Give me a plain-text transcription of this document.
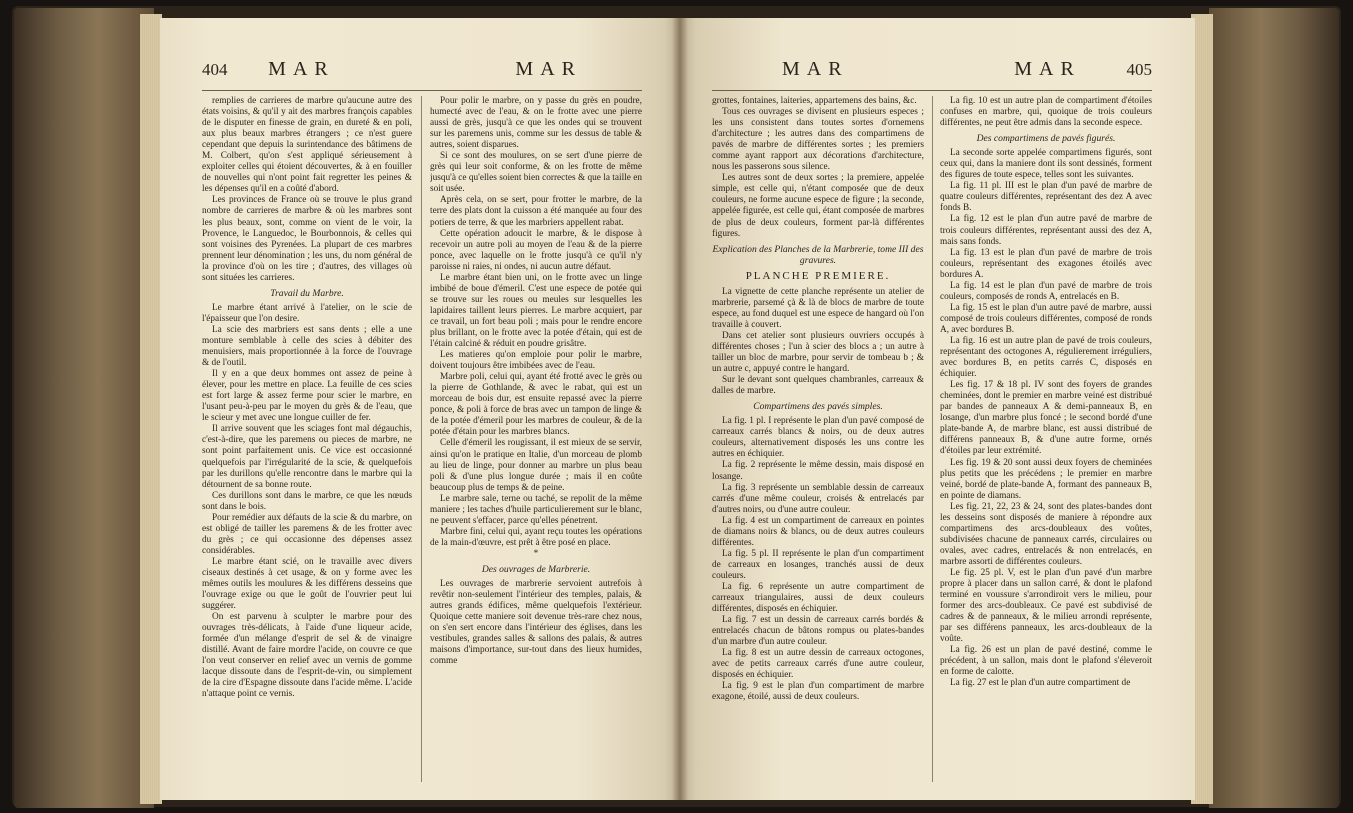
404 MAR	MAR

remplies de carrieres de marbre qu'aucune autre des états voisins, & qu'il y ait des marbres françois capables de le disputer en finesse de grain, en dureté & en poli, aux plus beaux marbres étrangers ; ce n'est guere cependant que depuis la surintendance des bâtimens de M. Colbert, qu'on s'est appliqué sérieusement à exploiter celles qui étoient découvertes, & à en fouiller de nouvelles qui n'ont point fait regretter les peines & les dépenses qu'il en a coûté d'abord.

Les provinces de France où se trouve le plus grand nombre de carrieres de marbre & où les marbres sont les plus beaux, sont, comme on vient de le voir, la Provence, le Languedoc, le Bourbonnois, & celles qui sont voisines des Pyrenées. La plupart de ces marbres prennent leur dénomination ; les uns, du nom général de la province d'où on les tire ; d'autres, des villages où sont situées les carrieres.

Travail du Marbre.

Le marbre étant arrivé à l'atelier, on le scie de l'épaisseur que l'on desire.

La scie des marbriers est sans dents ; elle a une monture semblable à celle des scies à débiter des menuisiers, mais proportionnée à la force de l'ouvrage & de l'outil.

Il y en a que deux hommes ont assez de peine à élever, pour les mettre en place. La feuille de ces scies est fort large & assez ferme pour scier le marbre, en l'usant peu-à-peu par le moyen du grès & de l'eau, que le scieur y met avec une longue cuiller de fer.

Il arrive souvent que les sciages font mal dégauchis, c'est-à-dire, que les paremens ou pieces de marbre, ne sont point parfaitement unis. Ce vice est occasionné quelquefois par l'irrégularité de la scie, & quelquefois par les durillons qu'elle rencontre dans le marbre qui la détournent de sa bonne route.

Ces durillons sont dans le marbre, ce que les nœuds sont dans le bois.

Pour remédier aux défauts de la scie & du marbre, on est obligé de tailler les paremens & de les frotter avec du grès ; ce qui occasionne des dépenses assez considérables.

Le marbre étant scié, on le travaille avec divers ciseaux destinés à cet usage, & on y forme avec les mêmes outils les moulures & les différens desseins que l'ouvrage exige ou que le goût de l'ouvrier peut lui suggérer.

On est parvenu à sculpter le marbre pour des ouvrages très-délicats, à l'aide d'une liqueur acide, formée d'un mélange d'esprit de sel & de vinaigre distillé. Avant de faire mordre l'acide, on couvre ce que l'on veut conserver en relief avec un vernis de gomme lacque dissoute dans de l'esprit-de-vin, ou simplement de la cire d'Espagne dissoute dans l'acide même. L'acide n'attaque point ce vernis.

Pour polir le marbre, on y passe du grès en poudre, humecté avec de l'eau, & on le frotte avec une pierre aussi de grès, jusqu'à ce que les ondes qui se trouvent sur les paremens unis, comme sur les dessus de table & autres, soient disparues.

Si ce sont des moulures, on se sert d'une pierre de grès qui leur soit conforme, & on les frotte de même jusqu'à ce qu'elles soient bien correctes & que la taille en soit usée.

Après cela, on se sert, pour frotter le marbre, de la terre des plats dont la cuisson a été manquée au four des potiers de terre, & que les marbriers appellent rabat.

Cette opération adoucit le marbre, & le dispose à recevoir un autre poli au moyen de l'eau & de la pierre ponce, avec laquelle on le frotte jusqu'à ce qu'il n'y paroisse ni raies, ni ondes, ni aucun autre défaut.

Le marbre étant bien uni, on le frotte avec un linge imbibé de boue d'émeril. C'est une espece de potée qui se trouve sur les roues ou meules sur lesquelles les lapidaires taillent leurs pierres. Le marbre acquiert, par ce travail, un fort beau poli ; mais pour le rendre encore plus brillant, on le frotte avec la potée d'étain, qui est de l'étain calciné & réduit en poudre grisâtre.

Les matieres qu'on emploie pour polir le marbre, doivent toujours être imbibées avec de l'eau.

Marbre poli, celui qui, ayant été frotté avec le grès ou la pierre de Gothlande, & avec le rabat, qui est un morceau de bois dur, est ensuite repassé avec la pierre ponce, & poli à force de bras avec un tampon de linge & de la potée d'émeril pour les marbres de couleur, & de la potée d'étain pour les marbres blancs.

Celle d'émeril les rougissant, il est mieux de se servir, ainsi qu'on le pratique en Italie, d'un morceau de plomb au lieu de linge, pour donner au marbre un plus beau poli & d'une plus longue durée ; mais il en coûte beaucoup plus de temps & de peine.

Le marbre sale, terne ou taché, se repolit de la même maniere ; les taches d'huile particulierement sur le blanc, ne peuvent s'effacer, parce qu'elles pénetrent.

Marbre fini, celui qui, ayant reçu toutes les opérations de la main-d'œuvre, est prêt à être posé en place.

*

Des ouvrages de Marbrerie.

Les ouvrages de marbrerie servoient autrefois à revêtir non-seulement l'intérieur des temples, palais, & autres grands édifices, même quelquefois l'extérieur. Quoique cette maniere soit devenue très-rare chez nous, on s'en sert encore dans l'intérieur des églises, dans les vestibules, grandes salles & sallons des palais, & autres maisons d'importance, sur-tout dans des lieux humides, comme

MAR	MAR	405

grottes, fontaines, laiteries, appartemens des bains, &c.

Tous ces ouvrages se divisent en plusieurs especes ; les uns consistent dans toutes sortes d'ornemens d'architecture ; les autres dans des compartimens de pavés de marbre de différentes sortes ; les premiers comme ayant rapport aux décorations d'architecture, nous les passerons sous silence.

Les autres sont de deux sortes ; la premiere, appelée simple, est celle qui, n'étant composée que de deux couleurs, ne forme aucune espece de figure ; la seconde, appelée figurée, est celle qui, étant composée de marbres de plus de deux couleurs, forment par-là différentes figures.

Explication des Planches de la Marbrerie, tome III des gravures.
PLANCHE PREMIERE.

La vignette de cette planche représente un atelier de marbrerie, parsemé çà & là de blocs de marbre de toute espece, au fond duquel est une espece de hangard où l'on travaille à couvert.

Dans cet atelier sont plusieurs ouvriers occupés à différentes choses ; l'un à scier des blocs a ; un autre à tailler un bloc de marbre, pour servir de tombeau b ; & un autre c, appuyé contre le hangard.

Sur le devant sont quelques chambranles, carreaux & dalles de marbre.

Compartimens des pavés simples.

La fig. 1 pl. I représente le plan d'un pavé composé de carreaux carrés blancs & noirs, ou de deux autres couleurs, alternativement disposés les uns contre les autres en échiquier.

La fig. 2 représente le même dessin, mais disposé en losange.

La fig. 3 représente un semblable dessin de carreaux carrés d'une même couleur, croisés & entrelacés par d'autres noirs, ou d'une autre couleur.

La fig. 4 est un compartiment de carreaux en pointes de diamans noirs & blancs, ou de deux autres couleurs différentes.

La fig. 5 pl. II représente le plan d'un compartiment de carreaux en losanges, tranchés aussi de deux couleurs.

La fig. 6 représente un autre compartiment de carreaux triangulaires, aussi de deux couleurs différentes, disposés en échiquier.

La fig. 7 est un dessin de carreaux carrés bordés & entrelacés chacun de bâtons rompus ou plates-bandes d'un marbre d'un autre couleur.

La fig. 8 est un autre dessin de carreaux octogones, avec de petits carreaux carrés d'une autre couleur, disposés en échiquier.

La fig. 9 est le plan d'un compartiment de marbre exagone, étoilé, aussi de deux couleurs.

La fig. 10 est un autre plan de compartiment d'étoiles confuses en marbre, qui, quoique de trois couleurs différentes, ne peut être admis dans la seconde espece.

Des compartimens de pavés figurés.

La seconde sorte appelée compartimens figurés, sont ceux qui, dans la maniere dont ils sont dessinés, forment des figures de toute espece, telles sont les suivantes.

La fig. 11 pl. III est le plan d'un pavé de marbre de quatre couleurs différentes, représentant des dez A avec fonds B.

La fig. 12 est le plan d'un autre pavé de marbre de trois couleurs différentes, représentant aussi des dez A, mais sans fonds.

La fig. 13 est le plan d'un pavé de marbre de trois couleurs, représentant des exagones étoilés avec bordures A.

La fig. 14 est le plan d'un pavé de marbre de trois couleurs, composés de ronds A, entrelacés en B.

La fig. 15 est le plan d'un autre pavé de marbre, aussi composé de trois couleurs différentes, composé de ronds A, avec bordures B.

La fig. 16 est un autre plan de pavé de trois couleurs, représentant des octogones A, régulierement irréguliers, avec bordures B, en petits carrés C, disposés en échiquier.

Les fig. 17 & 18 pl. IV sont des foyers de grandes cheminées, dont le premier en marbre veiné est distribué par bandes de panneaux A & demi-panneaux B, en losange, d'un marbre plus foncé ; le second bordé d'une plate-bande A, de marbre blanc, est aussi distribué de différens panneaux B, & d'une autre forme, ornés d'étoiles par leur extrémité.

Les fig. 19 & 20 sont aussi deux foyers de cheminées plus petits que les précédens ; le premier en marbre veiné, bordé de plate-bande A, formant des panneaux B, en pointe de diamans.

Les fig. 21, 22, 23 & 24, sont des plates-bandes dont les desseins sont disposés de maniere à répondre aux compartimens des arcs-doubleaux des voûtes, subdivisées chacune de panneaux carrés, circulaires ou ovales, avec cadres, entrelacés & non entrelacés, en marbre assorti de différentes couleurs.

Le fig. 25 pl. V, est le plan d'un pavé d'un marbre propre à placer dans un sallon carré, & dont le plafond terminé en voussure s'arrondiroit vers le milieu, pour former des arcs-doubleaux. Ce pavé est subdivisé de cadres & de panneaux, & le milieu arrondi représente, par ses différens panneaux, les arcs-doubleaux de la voûte.

La fig. 26 est un plan de pavé destiné, comme le précédent, à un sallon, mais dont le plafond s'éleveroit en forme de calotte.

La fig. 27 est le plan d'un autre compartiment de
